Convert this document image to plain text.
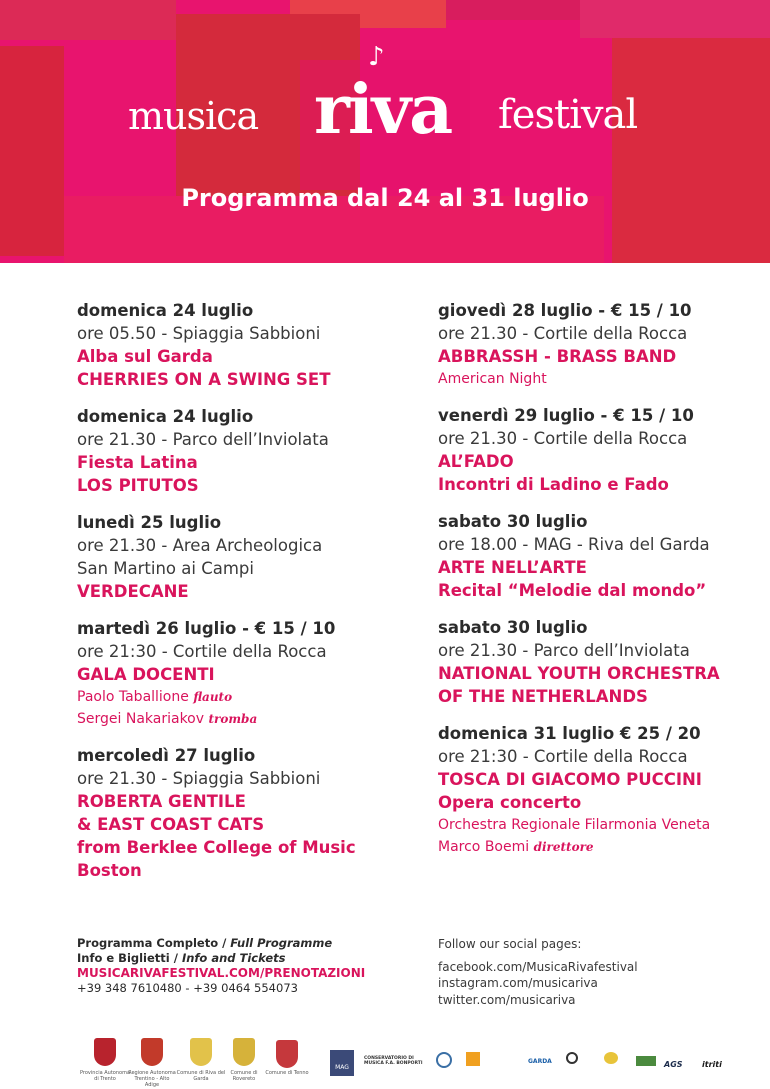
♪
musica riva festival
Programma dal 24 al 31 luglio
domenica 24 luglio
ore 05.50 - Spiaggia Sabbioni
Alba sul Garda
CHERRIES ON A SWING SET
domenica 24 luglio
ore 21.30 - Parco dell’Inviolata
Fiesta Latina
LOS PITUTOS
lunedì 25 luglio
ore 21.30 - Area Archeologica
San Martino ai Campi
VERDECANE
martedì 26 luglio - € 15 / 10
ore 21:30 - Cortile della Rocca
GALA DOCENTI
Paolo Taballione flauto
Sergei Nakariakov tromba
mercoledì 27 luglio
ore 21.30 - Spiaggia Sabbioni
ROBERTA GENTILE
& EAST COAST CATS
from Berklee College of Music
Boston
giovedì 28 luglio - € 15 / 10
ore 21.30 - Cortile della Rocca
ABBRASSH - BRASS BAND
American Night
venerdì 29 luglio - € 15 / 10
ore 21.30 - Cortile della Rocca
AL’FADO
Incontri di Ladino e Fado
sabato 30 luglio
ore 18.00 - MAG - Riva del Garda
ARTE NELL’ARTE
Recital “Melodie dal mondo”
sabato 30 luglio
ore 21.30 - Parco dell’Inviolata
NATIONAL YOUTH ORCHESTRA
OF THE NETHERLANDS
domenica 31 luglio € 25 / 20
ore 21:30 - Cortile della Rocca
TOSCA DI GIACOMO PUCCINI
Opera concerto
Orchestra Regionale Filarmonia Veneta
Marco Boemi direttore
Programma Completo / Full Programme
Info e Biglietti / Info and Tickets
MUSICARIVAFESTIVAL.COM/PRENOTAZIONI
+39 348 7610480 - +39 0464 554073
Follow our social pages:
facebook.com/MusicaRivafestival
instagram.com/musicariva
twitter.com/musicariva
Provincia Autonoma di Trento
Regione Autonoma Trentino - Alto Adige
Comune di Riva del Garda
Comune di Rovereto
Comune di Tenno
MAG
CONSERVATORIO DI MUSICA F.A. BONPORTI	GARDA	AGS itriti
